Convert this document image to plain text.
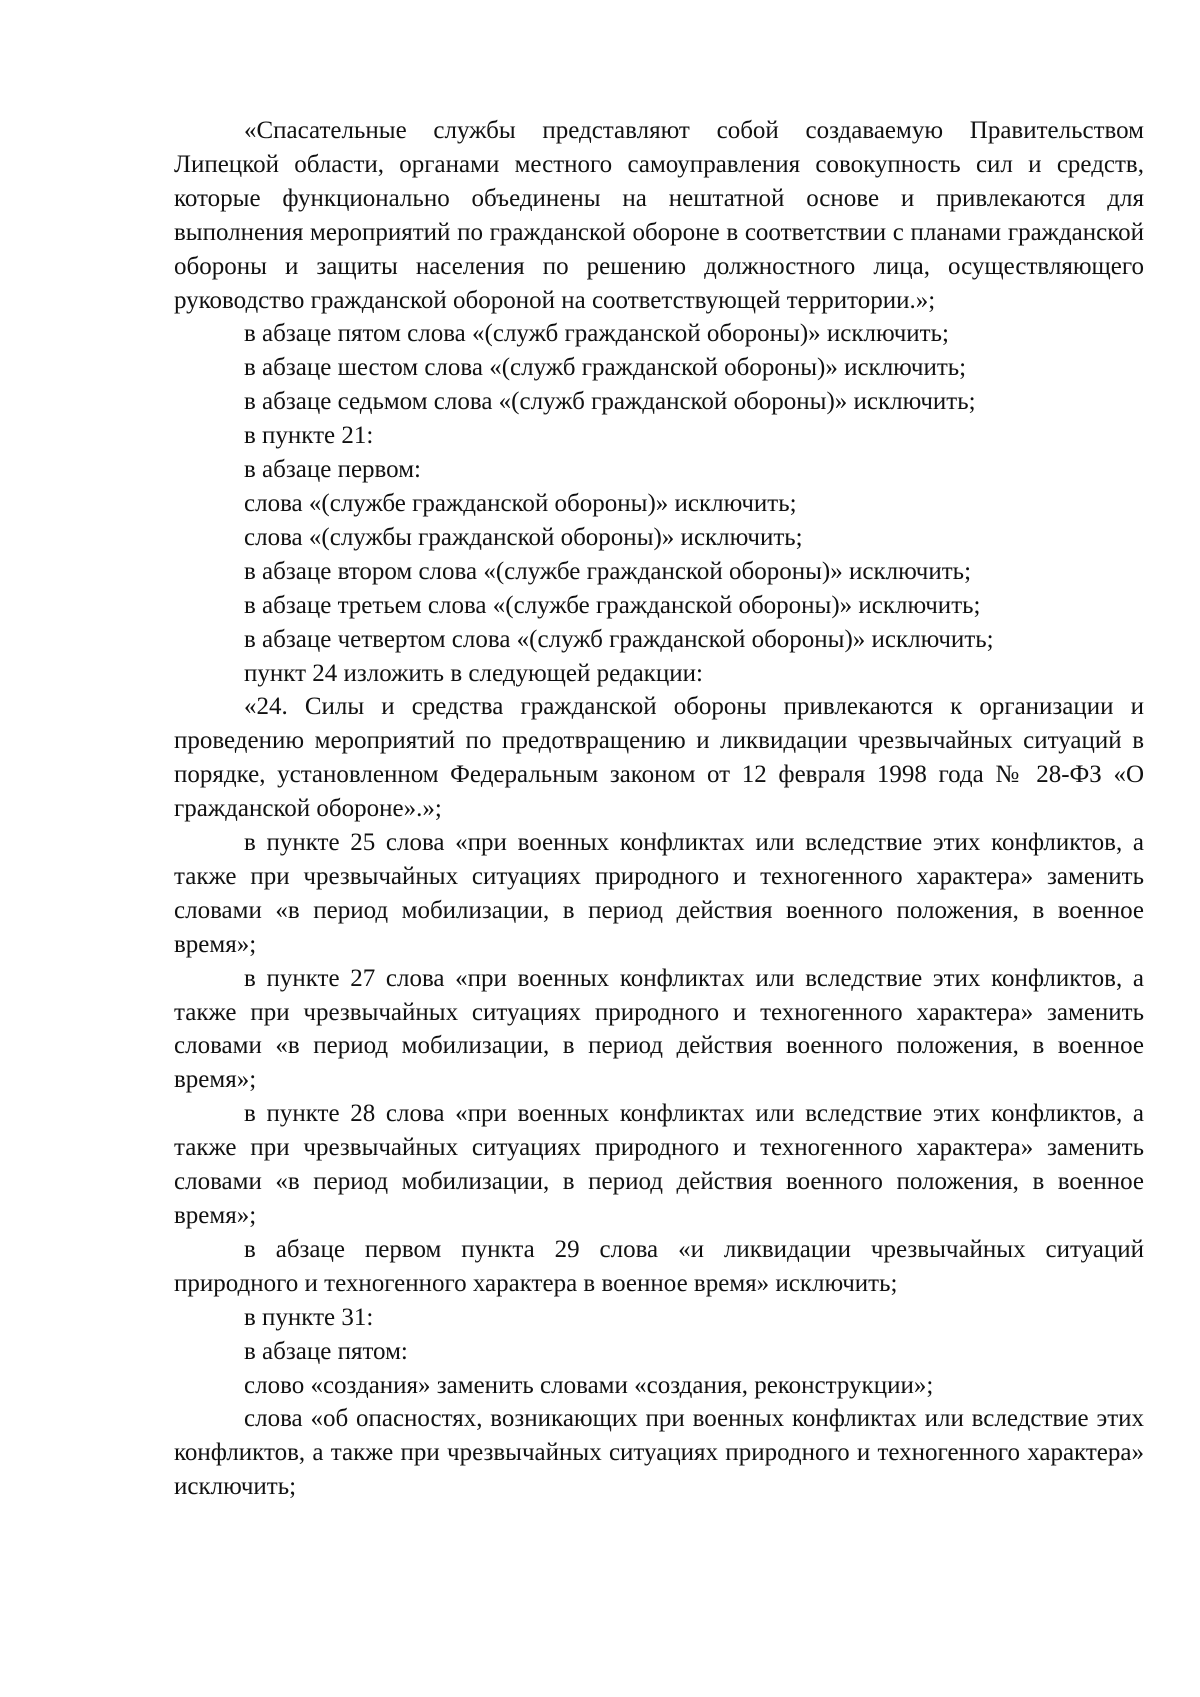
«Спасательные службы представляют собой создаваемую Правительством Липецкой области, органами местного самоуправления совокупность сил и средств, которые функционально объединены на нештатной основе и привлекаются для выполнения мероприятий по гражданской обороне в соответствии с планами гражданской обороны и защиты населения по решению должностного лица, осуществляющего руководство гражданской обороной на соответствующей территории.»;

в абзаце пятом слова «(служб гражданской обороны)» исключить;

в абзаце шестом слова «(служб гражданской обороны)» исключить;

в абзаце седьмом слова «(служб гражданской обороны)» исключить;

в пункте 21:

в абзаце первом:

слова «(службе гражданской обороны)» исключить;

слова «(службы гражданской обороны)» исключить;

в абзаце втором слова «(службе гражданской обороны)» исключить;

в абзаце третьем слова «(службе гражданской обороны)» исключить;

в абзаце четвертом слова «(служб гражданской обороны)» исключить;

пункт 24 изложить в следующей редакции:

«24. Силы и средства гражданской обороны привлекаются к организации и проведению мероприятий по предотвращению и ликвидации чрезвычайных ситуаций в порядке, установленном Федеральным законом от 12 февраля 1998 года № 28-ФЗ «О гражданской обороне».»;

в пункте 25 слова «при военных конфликтах или вследствие этих конфликтов, а также при чрезвычайных ситуациях природного и техногенного характера» заменить словами «в период мобилизации, в период действия военного положения, в военное время»;

в пункте 27 слова «при военных конфликтах или вследствие этих конфликтов, а также при чрезвычайных ситуациях природного и техногенного характера» заменить словами «в период мобилизации, в период действия военного положения, в военное время»;

в пункте 28 слова «при военных конфликтах или вследствие этих конфликтов, а также при чрезвычайных ситуациях природного и техногенного характера» заменить словами «в период мобилизации, в период действия военного положения, в военное время»;

в абзаце первом пункта 29 слова «и ликвидации чрезвычайных ситуаций природного и техногенного характера в военное время» исключить;

в пункте 31:

в абзаце пятом:

слово «создания» заменить словами «создания, реконструкции»;

слова «об опасностях, возникающих при военных конфликтах или вследствие этих конфликтов, а также при чрезвычайных ситуациях природного и техногенного характера» исключить;
